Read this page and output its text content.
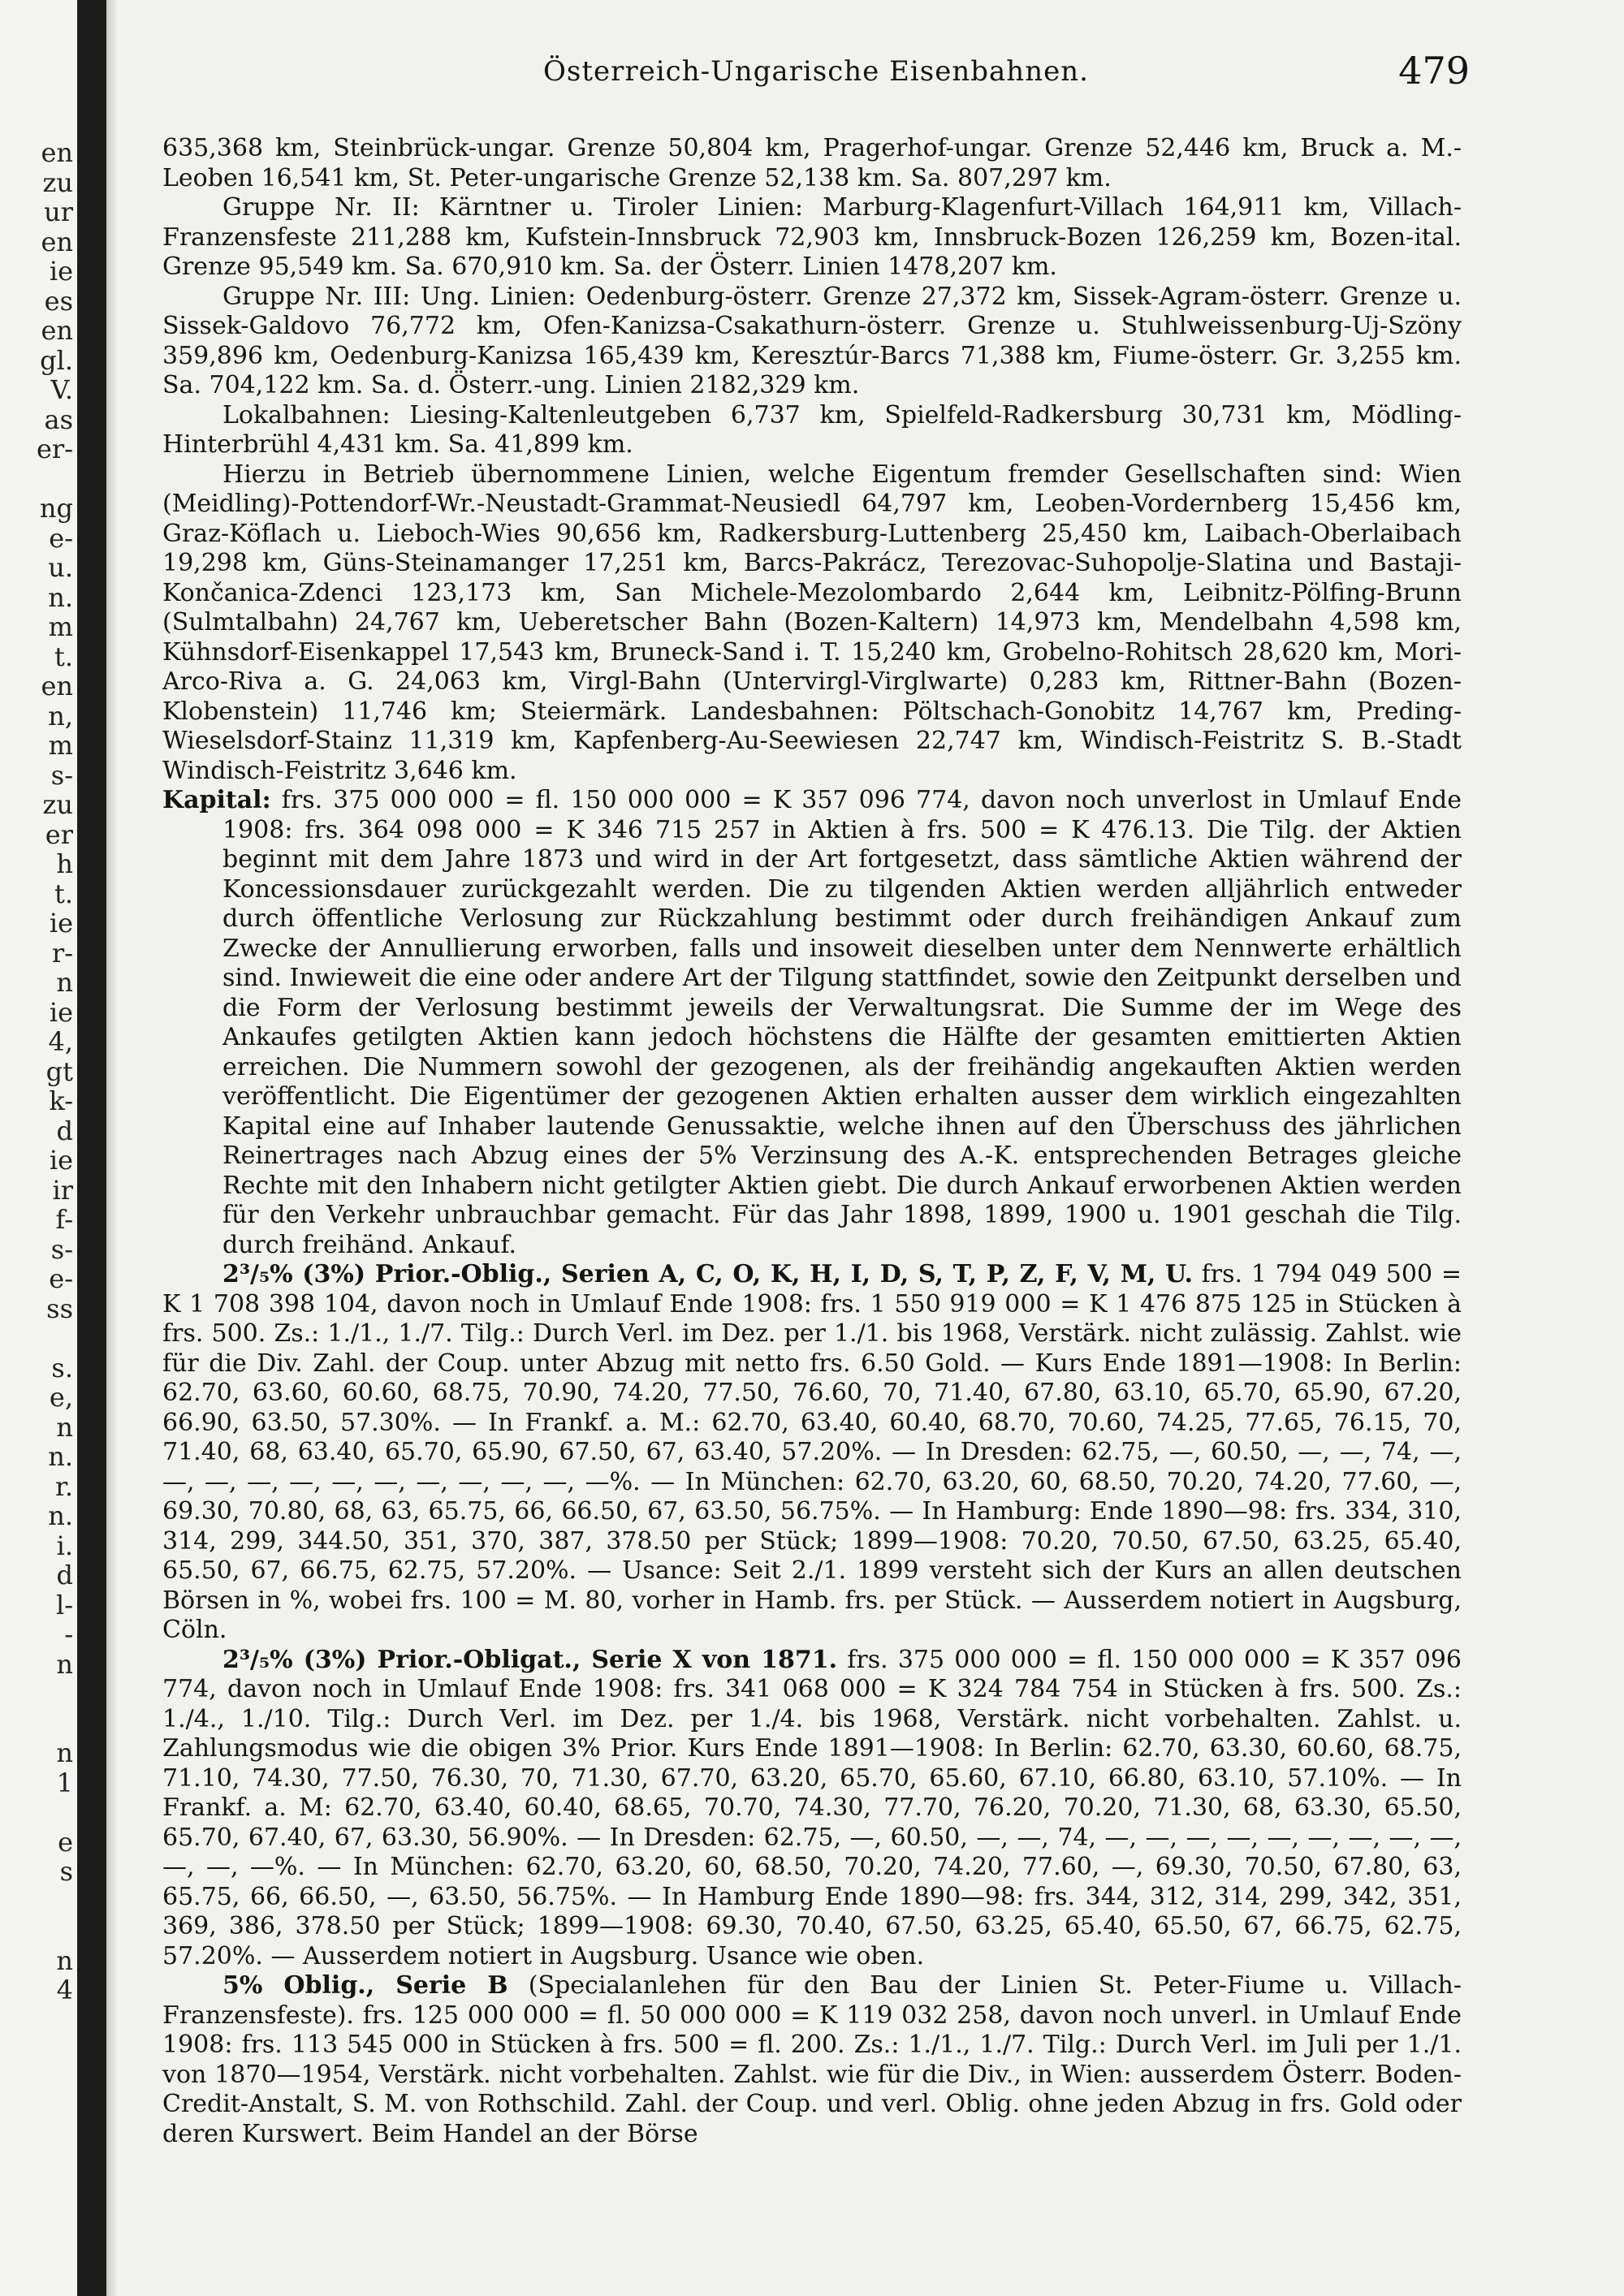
en
zu
ur
en
ie
es
en
gl.
V.
as
er-
ng
e-
u.
n.
m
t.
en
n,
m
s-
zu
er
h
t.
ie
r-
n
ie
4,
gt
k-
d
ie
ir
f-
s-
e-
ss
s.
e,
n
n.
r.
n.
i.
d
l-
-
n
n
1
e
s
n
4
Österreich-Ungarische Eisenbahnen.	479

635,368 km, Steinbrück-ungar. Grenze 50,804 km, Pragerhof-ungar. Grenze 52,446 km, Bruck a. M.-Leoben 16,541 km, St. Peter-ungarische Grenze 52,138 km. Sa. 807,297 km.

Gruppe Nr. II: Kärntner u. Tiroler Linien: Marburg-Klagenfurt-Villach 164,911 km, Villach-Franzensfeste 211,288 km, Kufstein-Innsbruck 72,903 km, Innsbruck-Bozen 126,259 km, Bozen-ital. Grenze 95,549 km. Sa. 670,910 km. Sa. der Österr. Linien 1478,207 km.

Gruppe Nr. III: Ung. Linien: Oedenburg-österr. Grenze 27,372 km, Sissek-Agram-österr. Grenze u. Sissek-Galdovo 76,772 km, Ofen-Kanizsa-Csakathurn-österr. Grenze u. Stuhlweissenburg-Uj-Szöny 359,896 km, Oedenburg-Kanizsa 165,439 km, Keresztúr-Barcs 71,388 km, Fiume-österr. Gr. 3,255 km. Sa. 704,122 km. Sa. d. Österr.-ung. Linien 2182,329 km.

Lokalbahnen: Liesing-Kaltenleutgeben 6,737 km, Spielfeld-Radkersburg 30,731 km, Mödling-Hinterbrühl 4,431 km. Sa. 41,899 km.

Hierzu in Betrieb übernommene Linien, welche Eigentum fremder Gesellschaften sind: Wien (Meidling)-Pottendorf-Wr.-Neustadt-Grammat-Neusiedl 64,797 km, Leoben-Vordernberg 15,456 km, Graz-Köflach u. Lieboch-Wies 90,656 km, Radkersburg-Luttenberg 25,450 km, Laibach-Oberlaibach 19,298 km, Güns-Steinamanger 17,251 km, Barcs-Pakrácz, Terezovac-Suhopolje-Slatina und Bastaji-Končanica-Zdenci 123,173 km, San Michele-Mezolombardo 2,644 km, Leibnitz-Pölfing-Brunn (Sulmtalbahn) 24,767 km, Ueberetscher Bahn (Bozen-Kaltern) 14,973 km, Mendelbahn 4,598 km, Kühnsdorf-Eisenkappel 17,543 km, Bruneck-Sand i. T. 15,240 km, Grobelno-Rohitsch 28,620 km, Mori-Arco-Riva a. G. 24,063 km, Virgl-Bahn (Untervirgl-Virglwarte) 0,283 km, Rittner-Bahn (Bozen-Klobenstein) 11,746 km; Steiermärk. Landesbahnen: Pöltschach-Gonobitz 14,767 km, Preding-Wieselsdorf-Stainz 11,319 km, Kapfenberg-Au-Seewiesen 22,747 km, Windisch-Feistritz S. B.-Stadt Windisch-Feistritz 3,646 km.

Kapital: frs. 375 000 000 = fl. 150 000 000 = K 357 096 774, davon noch unverlost in Umlauf Ende 1908: frs. 364 098 000 = K 346 715 257 in Aktien à frs. 500 = K 476.13. Die Tilg. der Aktien beginnt mit dem Jahre 1873 und wird in der Art fortgesetzt, dass sämtliche Aktien während der Koncessionsdauer zurückgezahlt werden. Die zu tilgenden Aktien werden alljährlich entweder durch öffentliche Verlosung zur Rückzahlung bestimmt oder durch freihändigen Ankauf zum Zwecke der Annullierung erworben, falls und insoweit dieselben unter dem Nennwerte erhältlich sind. Inwieweit die eine oder andere Art der Tilgung stattfindet, sowie den Zeitpunkt derselben und die Form der Verlosung bestimmt jeweils der Verwaltungsrat. Die Summe der im Wege des Ankaufes getilgten Aktien kann jedoch höchstens die Hälfte der gesamten emittierten Aktien erreichen. Die Nummern sowohl der gezogenen, als der freihändig angekauften Aktien werden veröffentlicht. Die Eigentümer der gezogenen Aktien erhalten ausser dem wirklich eingezahlten Kapital eine auf Inhaber lautende Genussaktie, welche ihnen auf den Überschuss des jährlichen Reinertrages nach Abzug eines der 5% Verzinsung des A.-K. entsprechenden Betrages gleiche Rechte mit den Inhabern nicht getilgter Aktien giebt. Die durch Ankauf erworbenen Aktien werden für den Verkehr unbrauchbar gemacht. Für das Jahr 1898, 1899, 1900 u. 1901 geschah die Tilg. durch freihänd. Ankauf.

2³/₅% (3%) Prior.-Oblig., Serien A, C, O, K, H, I, D, S, T, P, Z, F, V, M, U. frs. 1 794 049 500 = K 1 708 398 104, davon noch in Umlauf Ende 1908: frs. 1 550 919 000 = K 1 476 875 125 in Stücken à frs. 500. Zs.: 1./1., 1./7. Tilg.: Durch Verl. im Dez. per 1./1. bis 1968, Verstärk. nicht zulässig. Zahlst. wie für die Div. Zahl. der Coup. unter Abzug mit netto frs. 6.50 Gold. — Kurs Ende 1891—1908: In Berlin: 62.70, 63.60, 60.60, 68.75, 70.90, 74.20, 77.50, 76.60, 70, 71.40, 67.80, 63.10, 65.70, 65.90, 67.20, 66.90, 63.50, 57.30%. — In Frankf. a. M.: 62.70, 63.40, 60.40, 68.70, 70.60, 74.25, 77.65, 76.15, 70, 71.40, 68, 63.40, 65.70, 65.90, 67.50, 67, 63.40, 57.20%. — In Dresden: 62.75, —, 60.50, —, —, 74, —, —, —, —, —, —, —, —, —, —, —, —%. — In München: 62.70, 63.20, 60, 68.50, 70.20, 74.20, 77.60, —, 69.30, 70.80, 68, 63, 65.75, 66, 66.50, 67, 63.50, 56.75%. — In Hamburg: Ende 1890—98: frs. 334, 310, 314, 299, 344.50, 351, 370, 387, 378.50 per Stück; 1899—1908: 70.20, 70.50, 67.50, 63.25, 65.40, 65.50, 67, 66.75, 62.75, 57.20%. — Usance: Seit 2./1. 1899 versteht sich der Kurs an allen deutschen Börsen in %, wobei frs. 100 = M. 80, vorher in Hamb. frs. per Stück. — Ausserdem notiert in Augsburg, Cöln.

2³/₅% (3%) Prior.-Obligat., Serie X von 1871. frs. 375 000 000 = fl. 150 000 000 = K 357 096 774, davon noch in Umlauf Ende 1908: frs. 341 068 000 = K 324 784 754 in Stücken à frs. 500. Zs.: 1./4., 1./10. Tilg.: Durch Verl. im Dez. per 1./4. bis 1968, Verstärk. nicht vorbehalten. Zahlst. u. Zahlungsmodus wie die obigen 3% Prior. Kurs Ende 1891—1908: In Berlin: 62.70, 63.30, 60.60, 68.75, 71.10, 74.30, 77.50, 76.30, 70, 71.30, 67.70, 63.20, 65.70, 65.60, 67.10, 66.80, 63.10, 57.10%. — In Frankf. a. M: 62.70, 63.40, 60.40, 68.65, 70.70, 74.30, 77.70, 76.20, 70.20, 71.30, 68, 63.30, 65.50, 65.70, 67.40, 67, 63.30, 56.90%. — In Dresden: 62.75, —, 60.50, —, —, 74, —, —, —, —, —, —, —, —, —, —, —, —%. — In München: 62.70, 63.20, 60, 68.50, 70.20, 74.20, 77.60, —, 69.30, 70.50, 67.80, 63, 65.75, 66, 66.50, —, 63.50, 56.75%. — In Hamburg Ende 1890—98: frs. 344, 312, 314, 299, 342, 351, 369, 386, 378.50 per Stück; 1899—1908: 69.30, 70.40, 67.50, 63.25, 65.40, 65.50, 67, 66.75, 62.75, 57.20%. — Ausserdem notiert in Augsburg. Usance wie oben.

5% Oblig., Serie B (Specialanlehen für den Bau der Linien St. Peter-Fiume u. Villach-Franzensfeste). frs. 125 000 000 = fl. 50 000 000 = K 119 032 258, davon noch unverl. in Umlauf Ende 1908: frs. 113 545 000 in Stücken à frs. 500 = fl. 200. Zs.: 1./1., 1./7. Tilg.: Durch Verl. im Juli per 1./1. von 1870—1954, Verstärk. nicht vorbehalten. Zahlst. wie für die Div., in Wien: ausserdem Österr. Boden-Credit-Anstalt, S. M. von Rothschild. Zahl. der Coup. und verl. Oblig. ohne jeden Abzug in frs. Gold oder deren Kurswert. Beim Handel an der Börse
